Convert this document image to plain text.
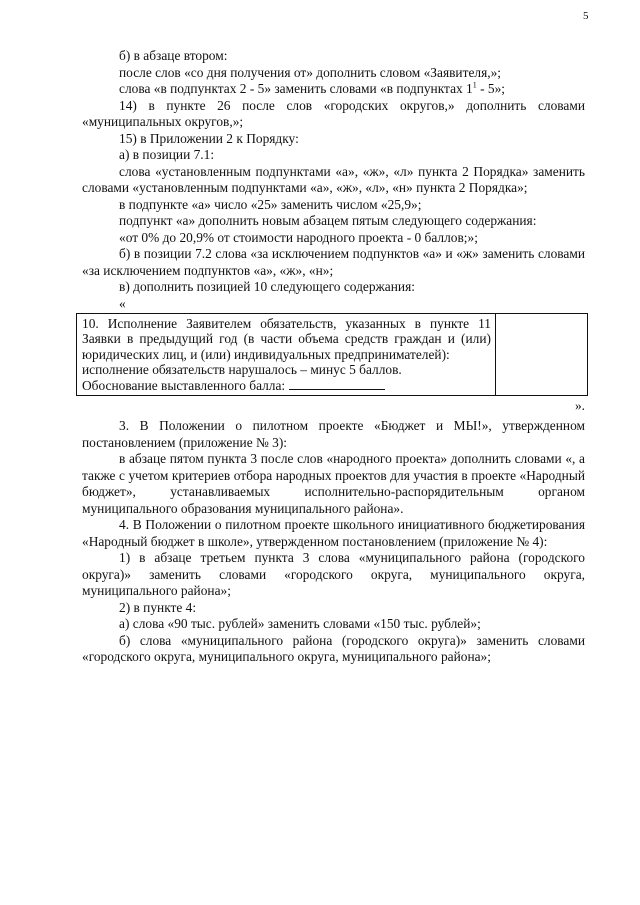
5

б) в абзаце втором:

после слов «со дня получения от» дополнить словом «Заявителя,»;

слова «в подпунктах 2 - 5» заменить словами «в подпунктах $1^1 - 5$»;

14) в пункте 26 после слов «городских округов,» дополнить словами «муниципальных округов,»;

15) в Приложении 2 к Порядку:

а) в позиции 7.1:

слова «установленным подпунктами «а», «ж», «л» пункта 2 Порядка» заменить словами «установленным подпунктами «а», «ж», «л», «н» пункта 2 Порядка»;

в подпункте «а» число «25» заменить числом «25,9»;

подпункт «а» дополнить новым абзацем пятым следующего содержания:

«от 0% до 20,9% от стоимости народного проекта - 0 баллов;»;

б) в позиции 7.2 слова «за исключением подпунктов «а» и «ж» заменить словами «за исключением подпунктов «а», «ж», «н»;

в) дополнить позицией 10 следующего содержания:

«

10. Исполнение Заявителем обязательств, указанных в пункте 11 Заявки в предыдущий год (в части объема средств граждан и (или) юридических лиц, и (или) индивидуальных предпринимателей):
исполнение обязательств нарушалось – минус 5 баллов.
Обоснование выставленного балла:

».

3. В Положении о пилотном проекте «Бюджет и МЫ!», утвержденном постановлением (приложение № 3):

в абзаце пятом пункта 3 после слов «народного проекта» дополнить словами «, а также с учетом критериев отбора народных проектов для участия в проекте «Народный бюджет», устанавливаемых исполнительно-распорядительным органом муниципального образования муниципального района».

4. В Положении о пилотном проекте школьного инициативного бюджетирования «Народный бюджет в школе», утвержденном постановлением (приложение № 4):

1) в абзаце третьем пункта 3 слова «муниципального района (городского округа)» заменить словами «городского округа, муниципального округа, муниципального района»;

2) в пункте 4:

а) слова «90 тыс. рублей» заменить словами «150 тыс. рублей»;

б) слова «муниципального района (городского округа)» заменить словами «городского округа, муниципального округа, муниципального района»;
